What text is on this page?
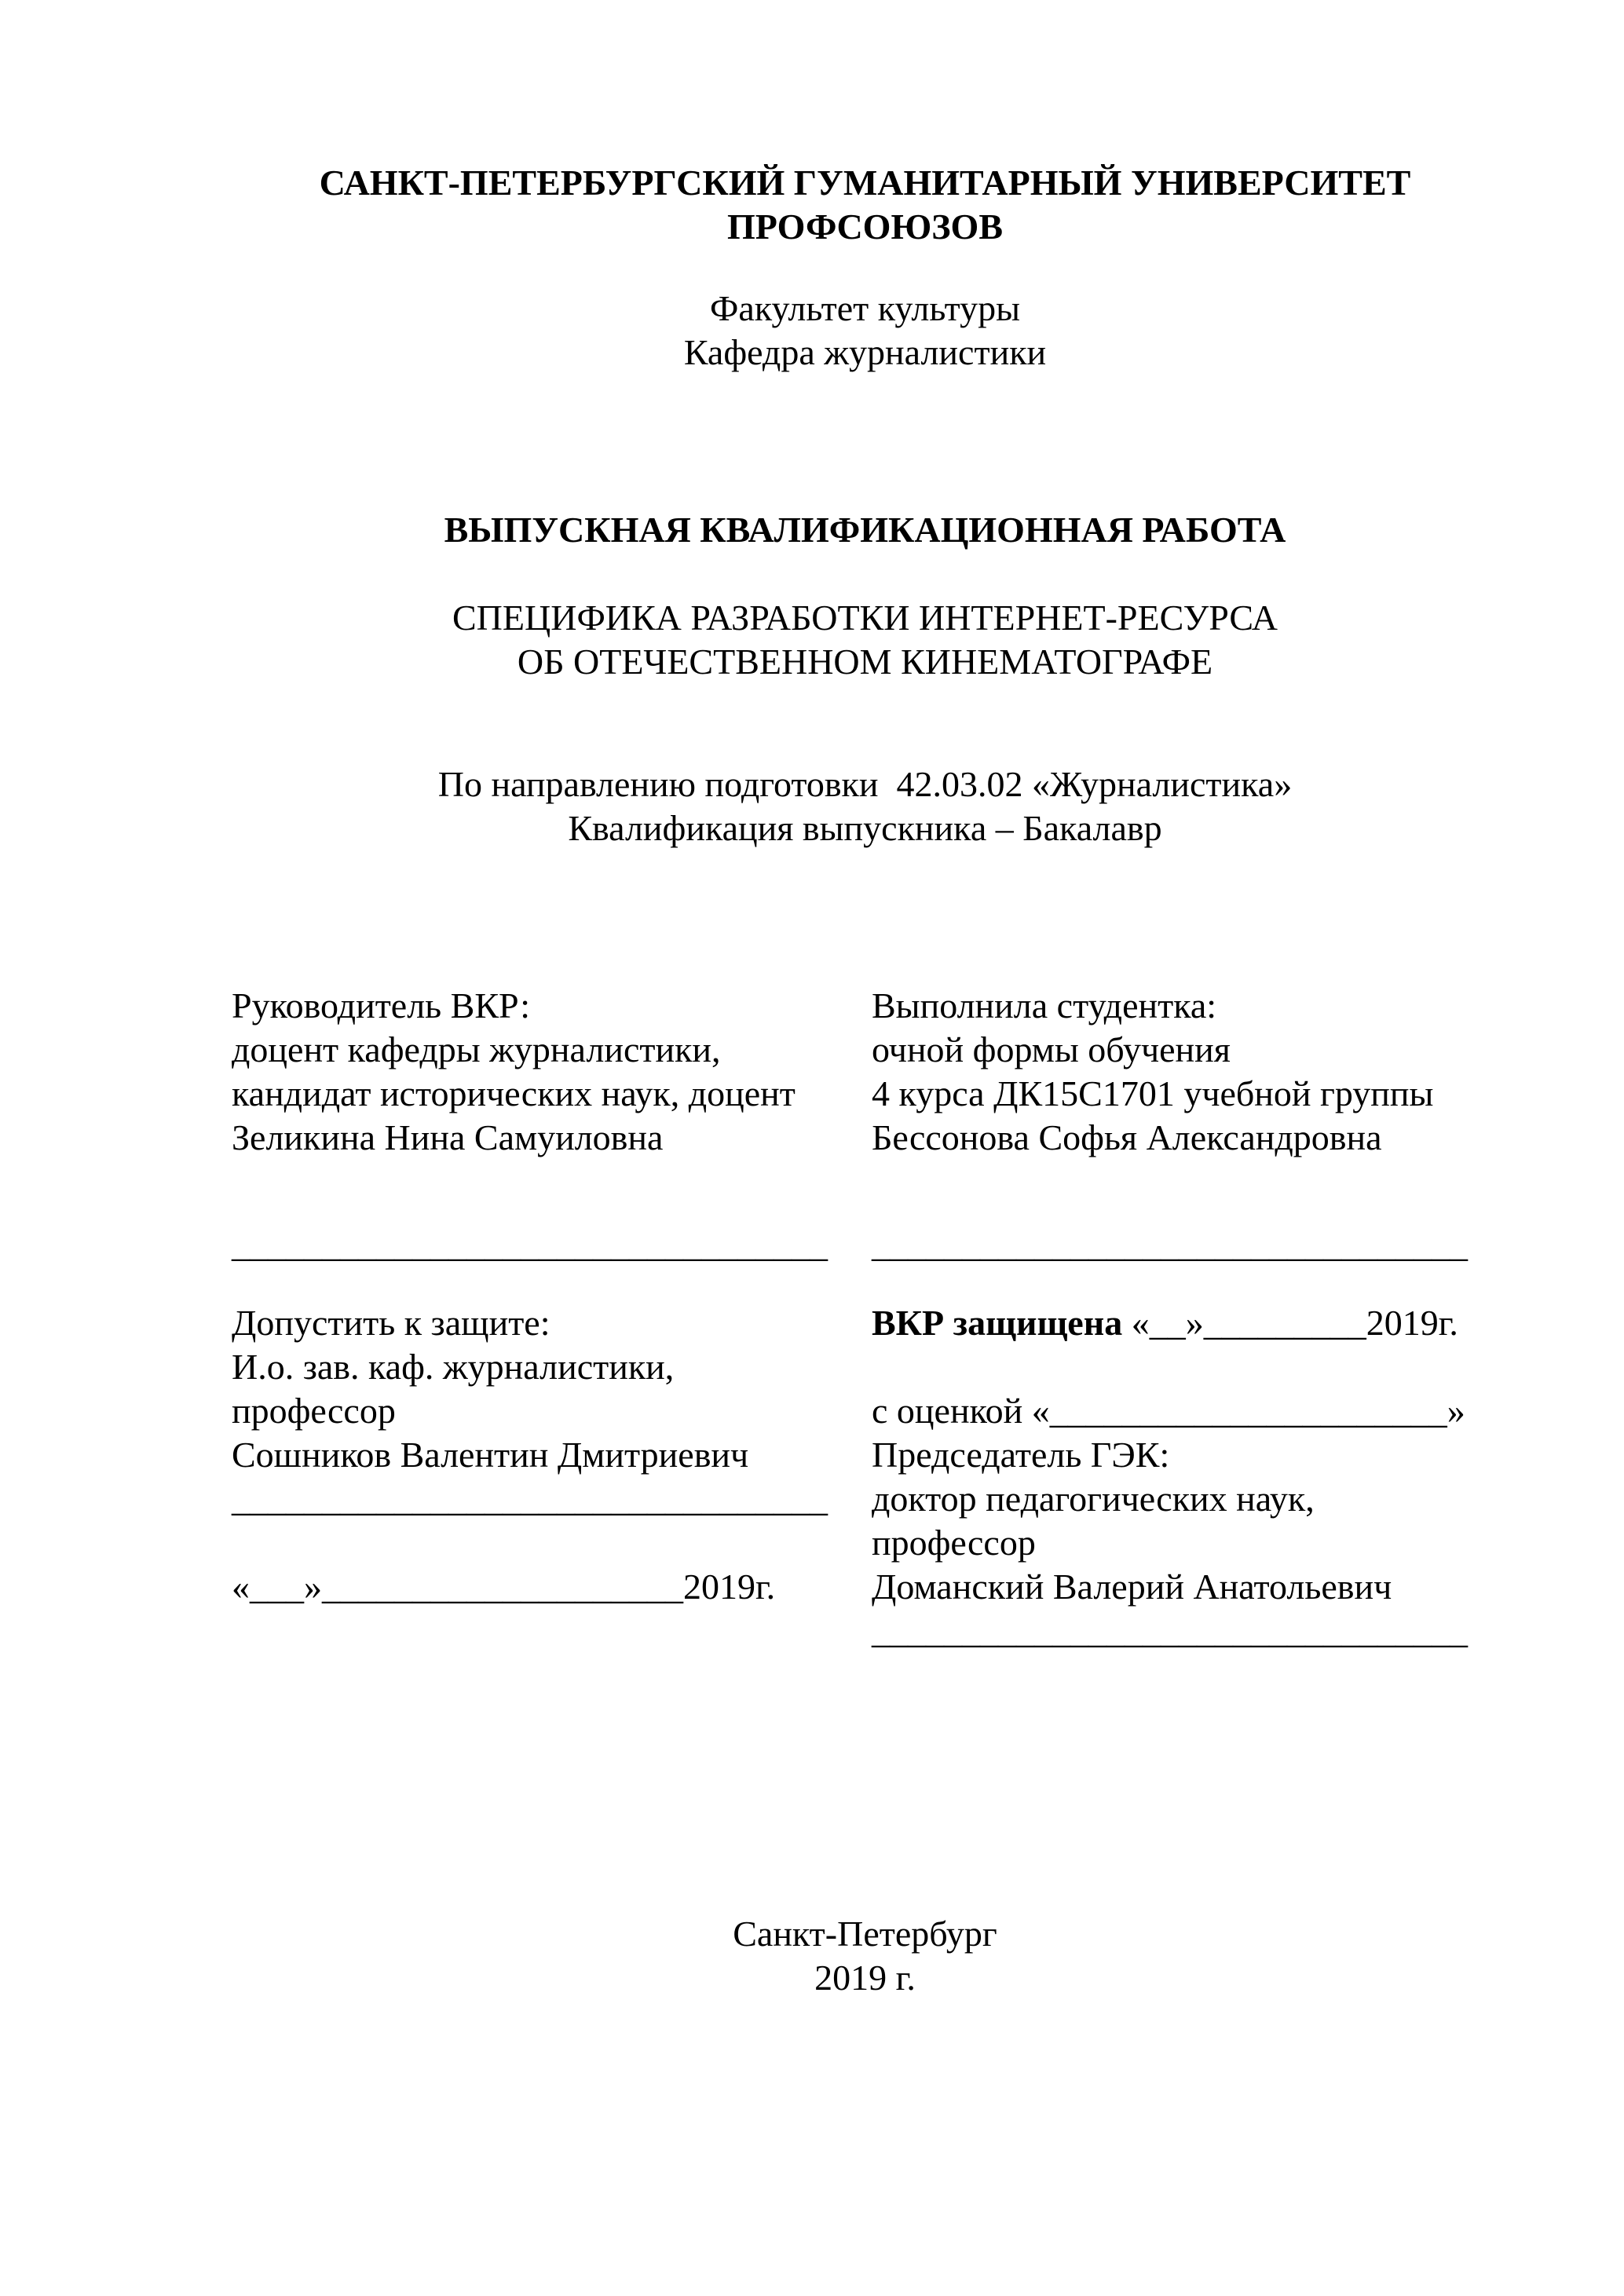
САНКТ-ПЕТЕРБУРГСКИЙ ГУМАНИТАРНЫЙ УНИВЕРСИТЕТ
ПРОФСОЮЗОВ
Факультет культуры
Кафедра журналистики
ВЫПУСКНАЯ КВАЛИФИКАЦИОННАЯ РАБОТА
СПЕЦИФИКА РАЗРАБОТКИ ИНТЕРНЕТ-РЕСУРСА
ОБ ОТЕЧЕСТВЕННОМ КИНЕМАТОГРАФЕ
По направлению подготовки  42.03.02 «Журналистика»
Квалификация выпускника – Бакалавр
Руководитель ВКР:
доцент кафедры журналистики,
кандидат исторических наук, доцент
Зеликина Нина Самуиловна
Выполнила студентка:
очной формы обучения
4 курса ДК15С1701 учебной группы
Бессонова Софья Александровна
_________________________________ _________________________________
Допустить к защите:
И.о. зав. каф. журналистики,
профессор
Сошников Валентин Дмитриевич
_________________________________

«___»____________________2019г.
ВКР защищена «__»_________2019г.

с оценкой «______________________»
Председатель ГЭК:
доктор педагогических наук,
профессор
Доманский Валерий Анатольевич
_________________________________
Санкт-Петербург
2019 г.
